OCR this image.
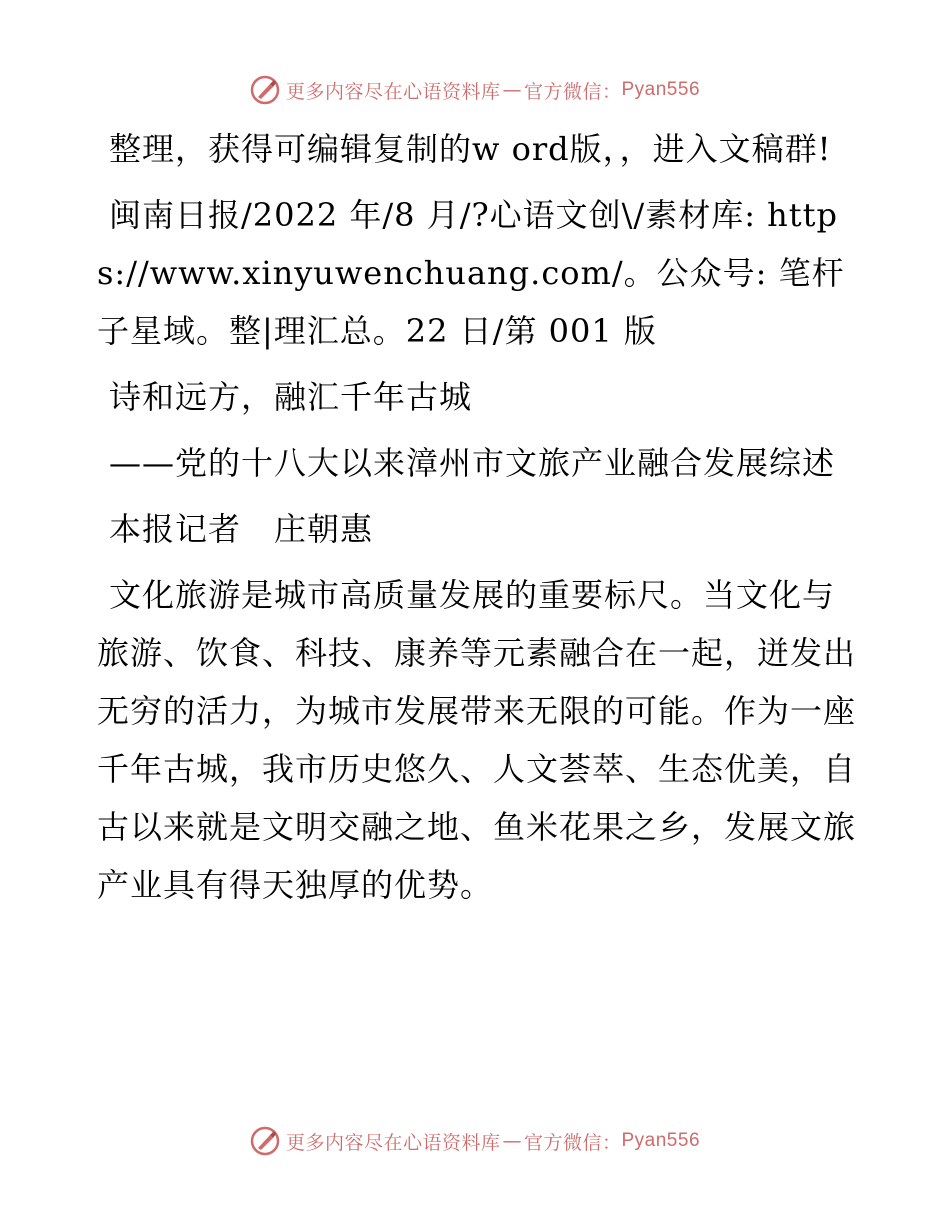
更多内容尽在心语资料库 — 官方微信： Pyan556

整理，获得可编辑复制的w ord版，，进入文稿群!

闽南日报/2022 年/8 月/?心语文创\/素材库: https://www.xinyuwenchuang.com/。公众号: 笔杆子星域。整|理汇总。22 日/第 001 版

诗和远方，融汇千年古城

——党的十八大以来漳州市文旅产业融合发展综述

本报记者　庄朝惠

文化旅游是城市高质量发展的重要标尺。当文化与旅游、饮食、科技、康养等元素融合在一起，迸发出无穷的活力，为城市发展带来无限的可能。作为一座千年古城，我市历史悠久、人文荟萃、生态优美，自古以来就是文明交融之地、鱼米花果之乡，发展文旅产业具有得天独厚的优势。

更多内容尽在心语资料库 — 官方微信： Pyan556
